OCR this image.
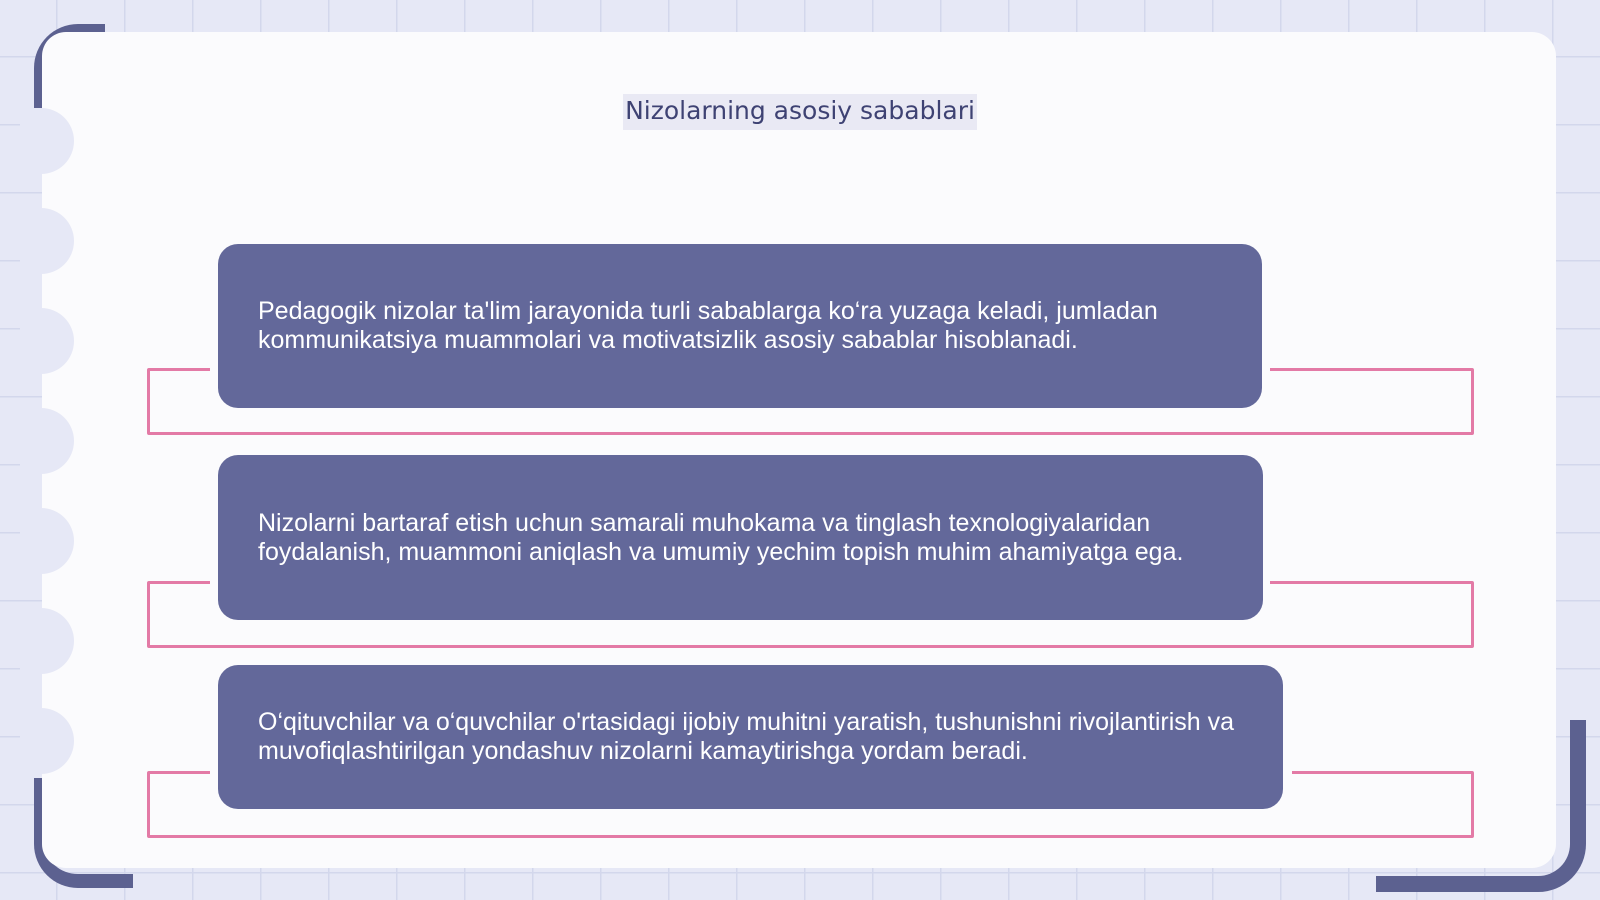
Nizolarning asosiy sabablari
Pedagogik nizolar ta'lim jarayonida turli sabablarga ko‘ra yuzaga keladi, jumladan kommunikatsiya muammolari va motivatsizlik asosiy sabablar hisoblanadi.
Nizolarni bartaraf etish uchun samarali muhokama va tinglash texnologiyalaridan foydalanish, muammoni aniqlash va umumiy yechim topish muhim ahamiyatga ega.
O‘qituvchilar va o‘quvchilar o'rtasidagi ijobiy muhitni yaratish, tushunishni rivojlantirish va muvofiqlashtirilgan yondashuv nizolarni kamaytirishga yordam beradi.
